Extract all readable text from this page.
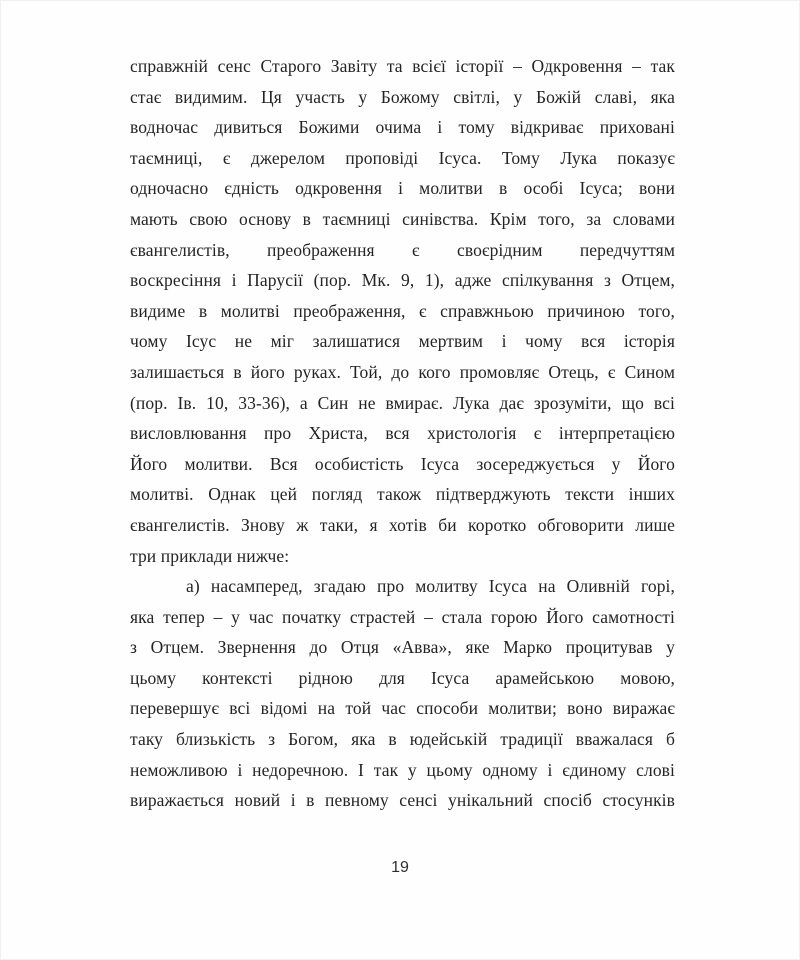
справжній сенс Старого Завіту та всієї історії – Одкровення – так
стає видимим. Ця участь у Божому світлі, у Божій славі, яка
водночас дивиться Божими очима і тому відкриває приховані
таємниці, є джерелом проповіді Ісуса. Тому Лука показує
одночасно єдність одкровення і молитви в особі Ісуса; вони
мають свою основу в таємниці синівства. Крім того, за словами
євангелистів, преображення є своєрідним передчуттям
воскресіння і Парусії (пор. Мк. 9, 1), адже спілкування з Отцем,
видиме в молитві преображення, є справжньою причиною того,
чому Ісус не міг залишатися мертвим і чому вся історія
залишається в його руках. Той, до кого промовляє Отець, є Сином
(пор. Ів. 10, 33-36), а Син не вмирає. Лука дає зрозуміти, що всі
висловлювання про Христа, вся христологія є інтерпретацією
Його молитви. Вся особистість Ісуса зосереджується у Його
молитві. Однак цей погляд також підтверджують тексти інших
євангелистів. Знову ж таки, я хотів би коротко обговорити лише
три приклади нижче:
а) насамперед, згадаю про молитву Ісуса на Оливній горі,
яка тепер – у час початку страстей – стала горою Його самотності
з Отцем. Звернення до Отця «Авва», яке Марко процитував у
цьому контексті рідною для Ісуса арамейською мовою,
перевершує всі відомі на той час способи молитви; воно виражає
таку близькість з Богом, яка в юдейській традиції вважалася б
неможливою і недоречною. І так у цьому одному і єдиному слові
виражається новий і в певному сенсі унікальний спосіб стосунків
19
